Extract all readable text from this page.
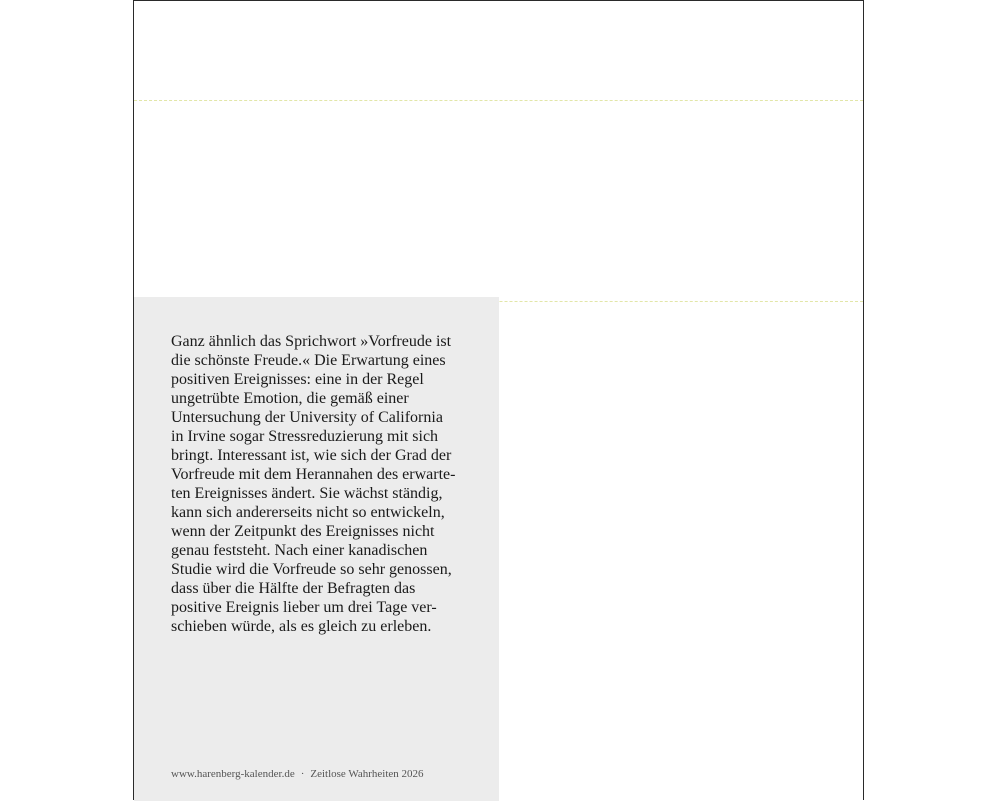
Ganz ähnlich das Sprichwort »Vorfreude ist
die schönste Freude.« Die Erwartung eines
positiven Ereignisses: eine in der Regel
ungetrübte Emotion, die gemäß einer
Untersuchung der University of California
in Irvine sogar Stressreduzierung mit sich
bringt. Interessant ist, wie sich der Grad der
Vorfreude mit dem Herannahen des erwarte-
ten Ereignisses ändert. Sie wächst ständig,
kann sich andererseits nicht so entwickeln,
wenn der Zeitpunkt des Ereignisses nicht
genau feststeht. Nach einer kanadischen
Studie wird die Vorfreude so sehr genossen,
dass über die Hälfte der Befragten das
positive Ereignis lieber um drei Tage ver-
schieben würde, als es gleich zu erleben.

www.harenberg-kalender.de · Zeitlose Wahrheiten 2026
